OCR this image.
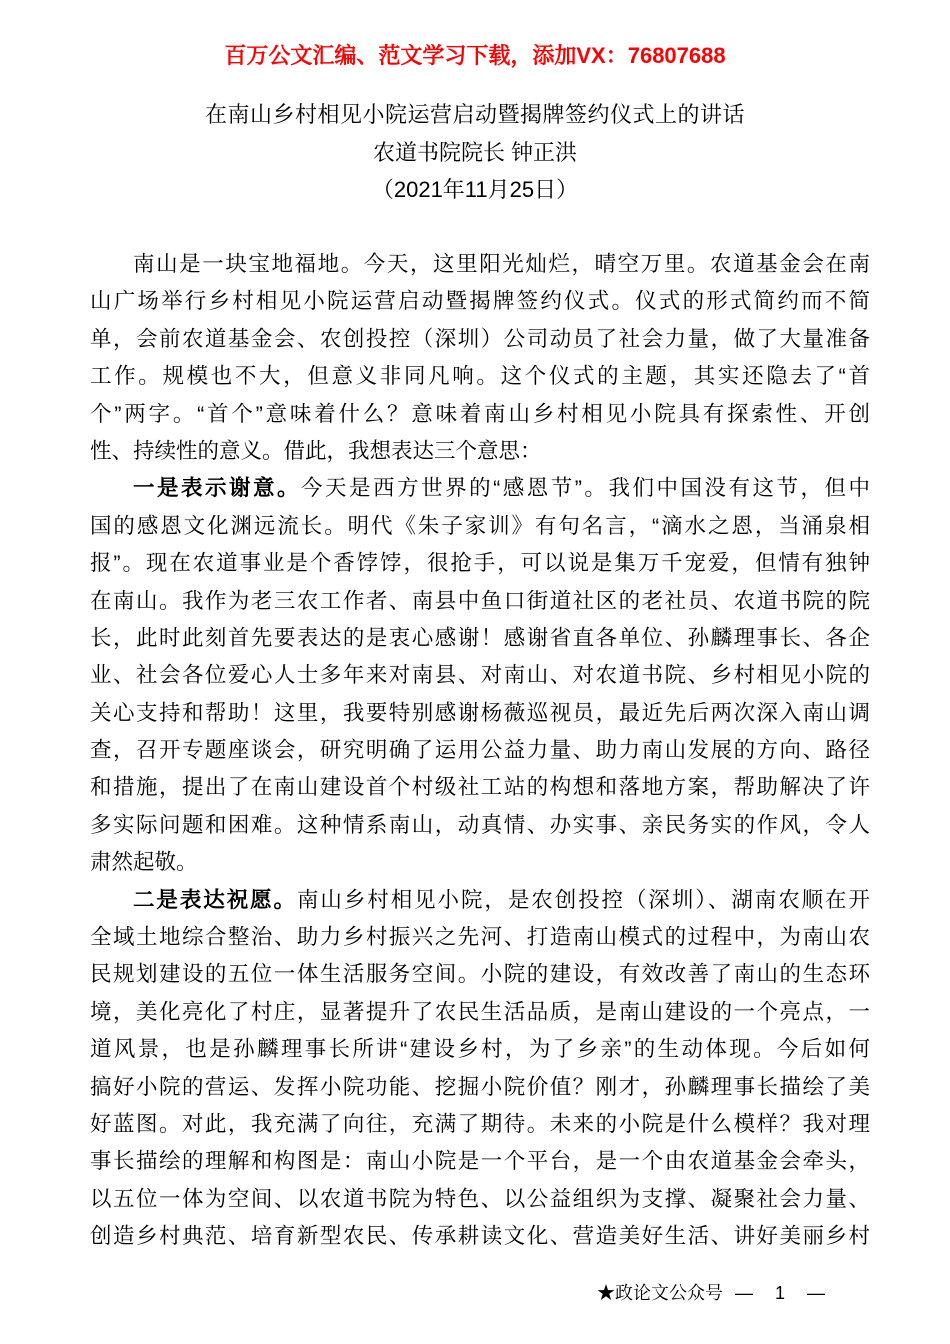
百万公文汇编、范文学习下载，添加VX：76807688
在南山乡村相见小院运营启动暨揭牌签约仪式上的讲话
农道书院院长 钟正洪
（2021年11月25日）
南山是一块宝地福地。今天，这里阳光灿烂，晴空万里。农道基金会在南
山广场举行乡村相见小院运营启动暨揭牌签约仪式。仪式的形式简约而不简
单，会前农道基金会、农创投控（深圳）公司动员了社会力量，做了大量准备
工作。规模也不大，但意义非同凡响。这个仪式的主题，其实还隐去了“首
个”两字。“首个”意味着什么？意味着南山乡村相见小院具有探索性、开创
性、持续性的意义。借此，我想表达三个意思：
一是表示谢意。今天是西方世界的“感恩节”。我们中国没有这节，但中
国的感恩文化渊远流长。明代《朱子家训》有句名言，“滴水之恩，当涌泉相
报”。现在农道事业是个香饽饽，很抢手，可以说是集万千宠爱，但情有独钟
在南山。我作为老三农工作者、南县中鱼口街道社区的老社员、农道书院的院
长，此时此刻首先要表达的是衷心感谢！感谢省直各单位、孙麟理事长、各企
业、社会各位爱心人士多年来对南县、对南山、对农道书院、乡村相见小院的
关心支持和帮助！这里，我要特别感谢杨薇巡视员，最近先后两次深入南山调
查，召开专题座谈会，研究明确了运用公益力量、助力南山发展的方向、路径
和措施，提出了在南山建设首个村级社工站的构想和落地方案，帮助解决了许
多实际问题和困难。这种情系南山，动真情、办实事、亲民务实的作风，令人
肃然起敬。
二是表达祝愿。南山乡村相见小院，是农创投控（深圳）、湖南农顺在开
全域土地综合整治、助力乡村振兴之先河、打造南山模式的过程中，为南山农
民规划建设的五位一体生活服务空间。小院的建设，有效改善了南山的生态环
境，美化亮化了村庄，显著提升了农民生活品质，是南山建设的一个亮点，一
道风景，也是孙麟理事长所讲“建设乡村，为了乡亲”的生动体现。今后如何
搞好小院的营运、发挥小院功能、挖掘小院价值？刚才，孙麟理事长描绘了美
好蓝图。对此，我充满了向往，充满了期待。未来的小院是什么模样？我对理
事长描绘的理解和构图是：南山小院是一个平台，是一个由农道基金会牵头，
以五位一体为空间、以农道书院为特色、以公益组织为支撑、凝聚社会力量、
创造乡村典范、培育新型农民、传承耕读文化、营造美好生活、讲好美丽乡村
★政论文公众号 —　1　—
